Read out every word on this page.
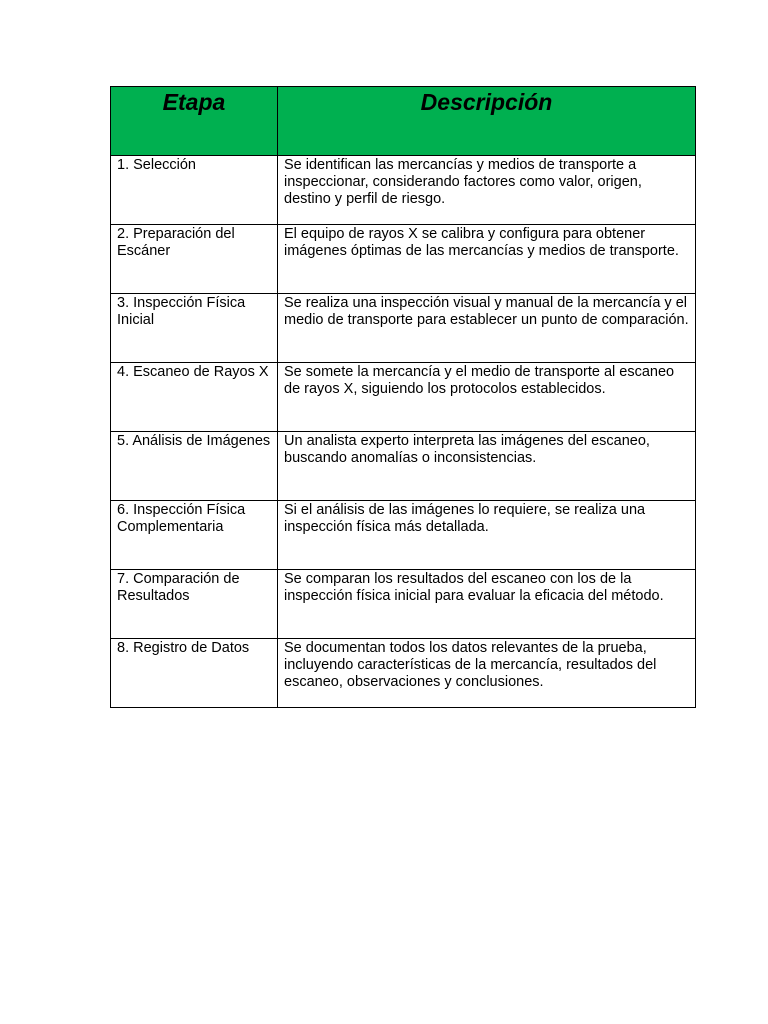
Etapa	Descripción
1. Selección	Se identifican las mercancías y medios de transporte a inspeccionar, considerando factores como valor, origen, destino y perfil de riesgo.
2. Preparación del Escáner	El equipo de rayos X se calibra y configura para obtener imágenes óptimas de las mercancías y medios de transporte.
3. Inspección Física Inicial	Se realiza una inspección visual y manual de la mercancía y el medio de transporte para establecer un punto de comparación.
4. Escaneo de Rayos X	Se somete la mercancía y el medio de transporte al escaneo de rayos X, siguiendo los protocolos establecidos.
5. Análisis de Imágenes	Un analista experto interpreta las imágenes del escaneo, buscando anomalías o inconsistencias.
6. Inspección Física Complementaria	Si el análisis de las imágenes lo requiere, se realiza una inspección física más detallada.
7. Comparación de Resultados	Se comparan los resultados del escaneo con los de la inspección física inicial para evaluar la eficacia del método.
8. Registro de Datos	Se documentan todos los datos relevantes de la prueba, incluyendo características de la mercancía, resultados del escaneo, observaciones y conclusiones.
